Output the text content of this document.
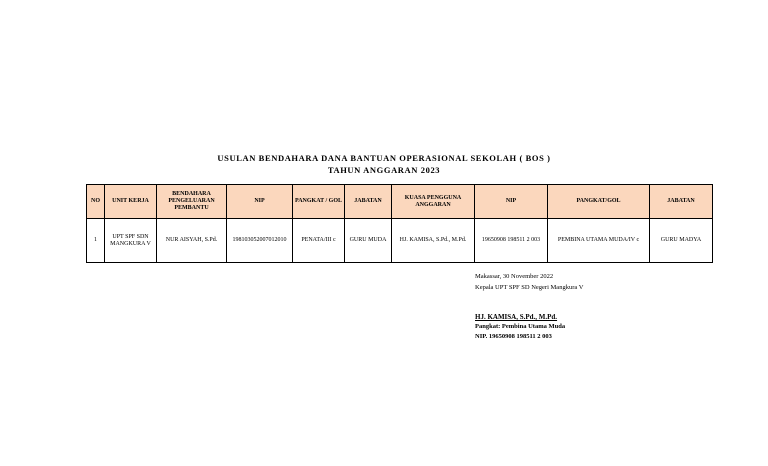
USULAN BENDAHARA DANA BANTUAN OPERASIONAL SEKOLAH ( BOS )
TAHUN ANGGARAN 2023
NO	UNIT KERJA	BENDAHARA PENGELUARAN PEMBANTU	NIP	PANGKAT / GOL	JABATAN	KUASA PENGGUNA ANGGARAN	NIP	PANGKAT/GOL	JABATAN
1	UPT SPF SDN MANGKURA V	NUR AISYAH, S.Pd.	198103052007012010	PENATA/III c	GURU MUDA	HJ. KAMISA, S.Pd., M.Pd.	19650908 198511 2 003	PEMBINA UTAMA MUDA/IV c	GURU MADYA
Makassar, 30 November 2022
Kepala UPT SPF SD Negeri Mangkura V
HJ. KAMISA, S.Pd., M.Pd.
Pangkat: Pembina Utama Muda
NIP. 19650908 198511 2 003
